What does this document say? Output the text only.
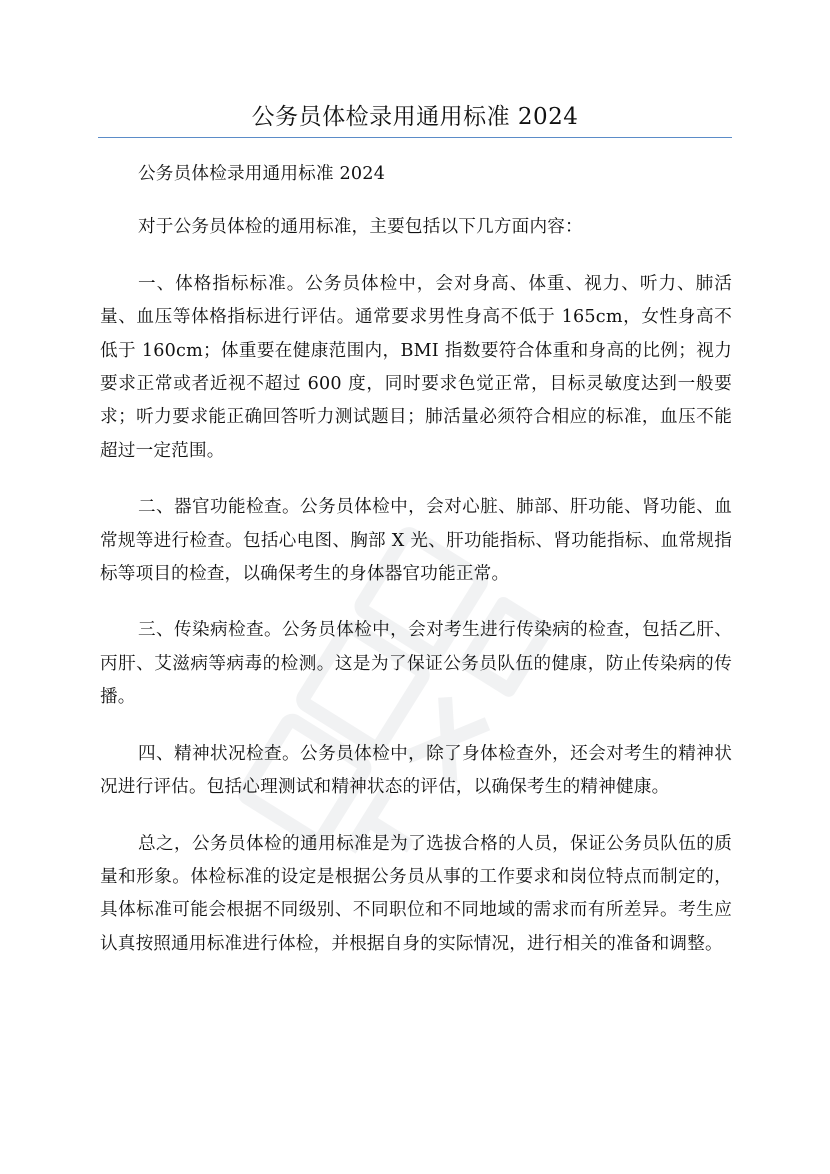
公务员体检录用通用标准 2024

公务员体检录用通用标准 2024

对于公务员体检的通用标准，主要包括以下几方面内容：

一、体格指标标准。公务员体检中，会对身高、体重、视力、听力、肺活量、血压等体格指标进行评估。通常要求男性身高不低于 165cm，女性身高不低于 160cm；体重要在健康范围内，BMI 指数要符合体重和身高的比例；视力要求正常或者近视不超过 600 度，同时要求色觉正常，目标灵敏度达到一般要求；听力要求能正确回答听力测试题目；肺活量必须符合相应的标准，血压不能超过一定范围。

二、器官功能检查。公务员体检中，会对心脏、肺部、肝功能、肾功能、血常规等进行检查。包括心电图、胸部 X 光、肝功能指标、肾功能指标、血常规指标等项目的检查，以确保考生的身体器官功能正常。

三、传染病检查。公务员体检中，会对考生进行传染病的检查，包括乙肝、丙肝、艾滋病等病毒的检测。这是为了保证公务员队伍的健康，防止传染病的传播。

四、精神状况检查。公务员体检中，除了身体检查外，还会对考生的精神状况进行评估。包括心理测试和精神状态的评估，以确保考生的精神健康。

总之，公务员体检的通用标准是为了选拔合格的人员，保证公务员队伍的质量和形象。体检标准的设定是根据公务员从事的工作要求和岗位特点而制定的，具体标准可能会根据不同级别、不同职位和不同地域的需求而有所差异。考生应认真按照通用标准进行体检，并根据自身的实际情况，进行相关的准备和调整。
